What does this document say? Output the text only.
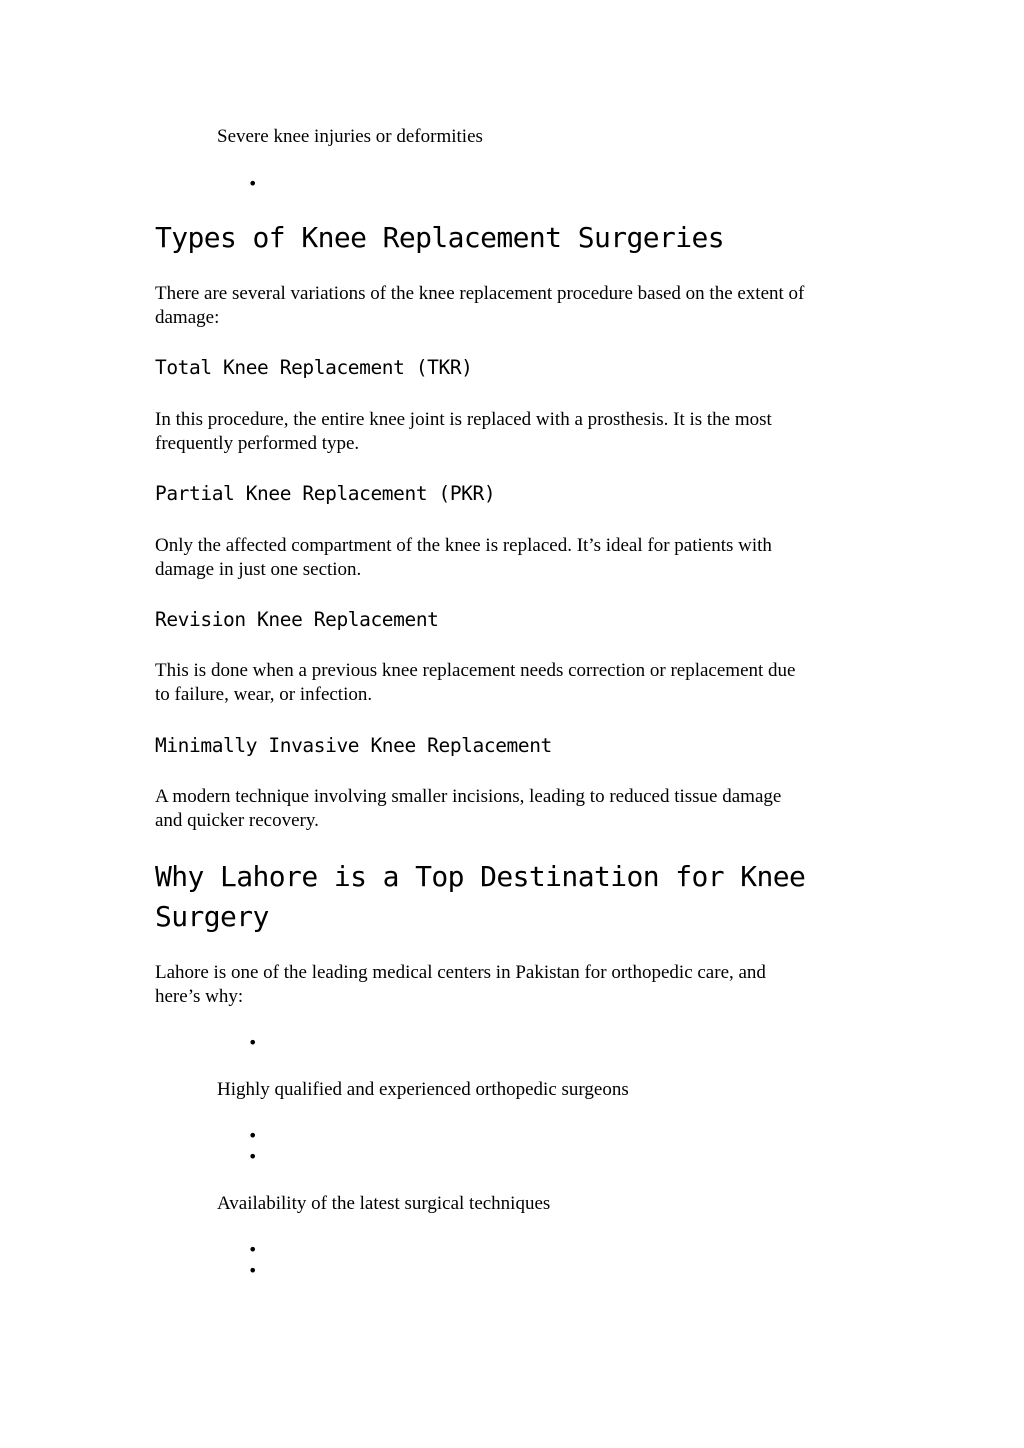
Severe knee injuries or deformities

•
Types of Knee Replacement Surgeries

There are several variations of the knee replacement procedure based on the extent of

damage:

Total Knee Replacement (TKR)

In this procedure, the entire knee joint is replaced with a prosthesis. It is the most

frequently performed type.

Partial Knee Replacement (PKR)

Only the affected compartment of the knee is replaced. It’s ideal for patients with

damage in just one section.

Revision Knee Replacement

This is done when a previous knee replacement needs correction or replacement due

to failure, wear, or infection.

Minimally Invasive Knee Replacement

A modern technique involving smaller incisions, leading to reduced tissue damage

and quicker recovery.

Why Lahore is a Top Destination for Knee
Surgery

Lahore is one of the leading medical centers in Pakistan for orthopedic care, and

here’s why:

•

Highly qualified and experienced orthopedic surgeons

•
•

Availability of the latest surgical techniques

•
•
